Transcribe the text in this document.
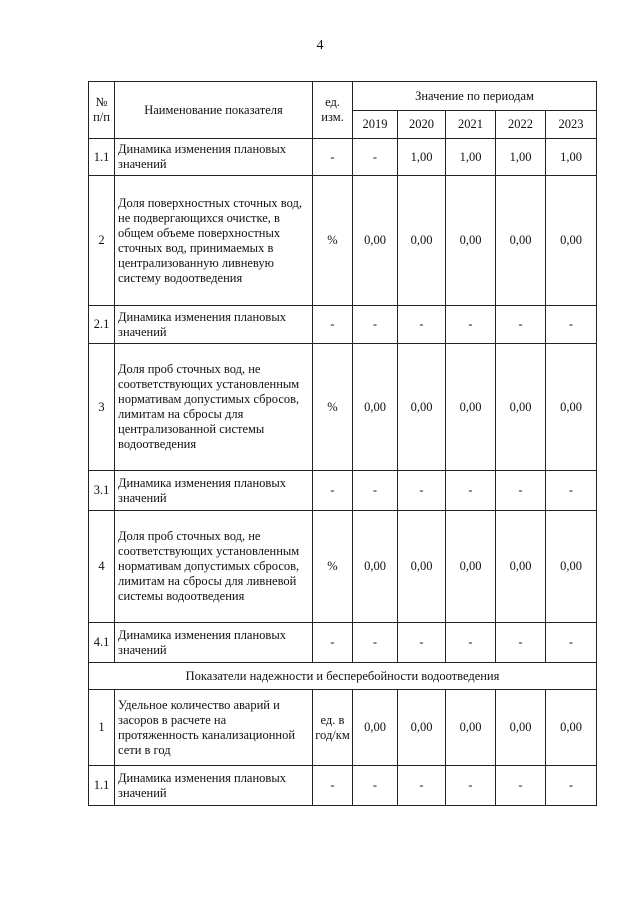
4
№ п/п	Наименование показателя	ед. изм.	Значение по периодам				
			2019	2020	2021	2022	2023
1.1	Динамика изменения плановых значений	-	-	1,00	1,00	1,00	1,00
2	Доля поверхностных сточных вод, не подвергающихся очистке, в общем объеме поверхностных сточных вод, принимаемых в централизованную ливневую систему водоотведения	%	0,00	0,00	0,00	0,00	0,00
2.1	Динамика изменения плановых значений	-	-	-	-	-	-
3	Доля проб сточных вод, не соответствующих установленным нормативам допустимых сбросов, лимитам на сбросы для централизованной системы водоотведения	%	0,00	0,00	0,00	0,00	0,00
3.1	Динамика изменения плановых значений	-	-	-	-	-	-
4	Доля проб сточных вод, не соответствующих установленным нормативам допустимых сбросов, лимитам на сбросы для ливневой системы водоотведения	%	0,00	0,00	0,00	0,00	0,00
4.1	Динамика изменения плановых значений	-	-	-	-	-	-
Показатели надежности и бесперебойности водоотведения							
1	Удельное количество аварий и засоров в расчете на протяженность канализационной сети в год	ед. в год/км	0,00	0,00	0,00	0,00	0,00
1.1	Динамика изменения плановых значений	-	-	-	-	-	-
